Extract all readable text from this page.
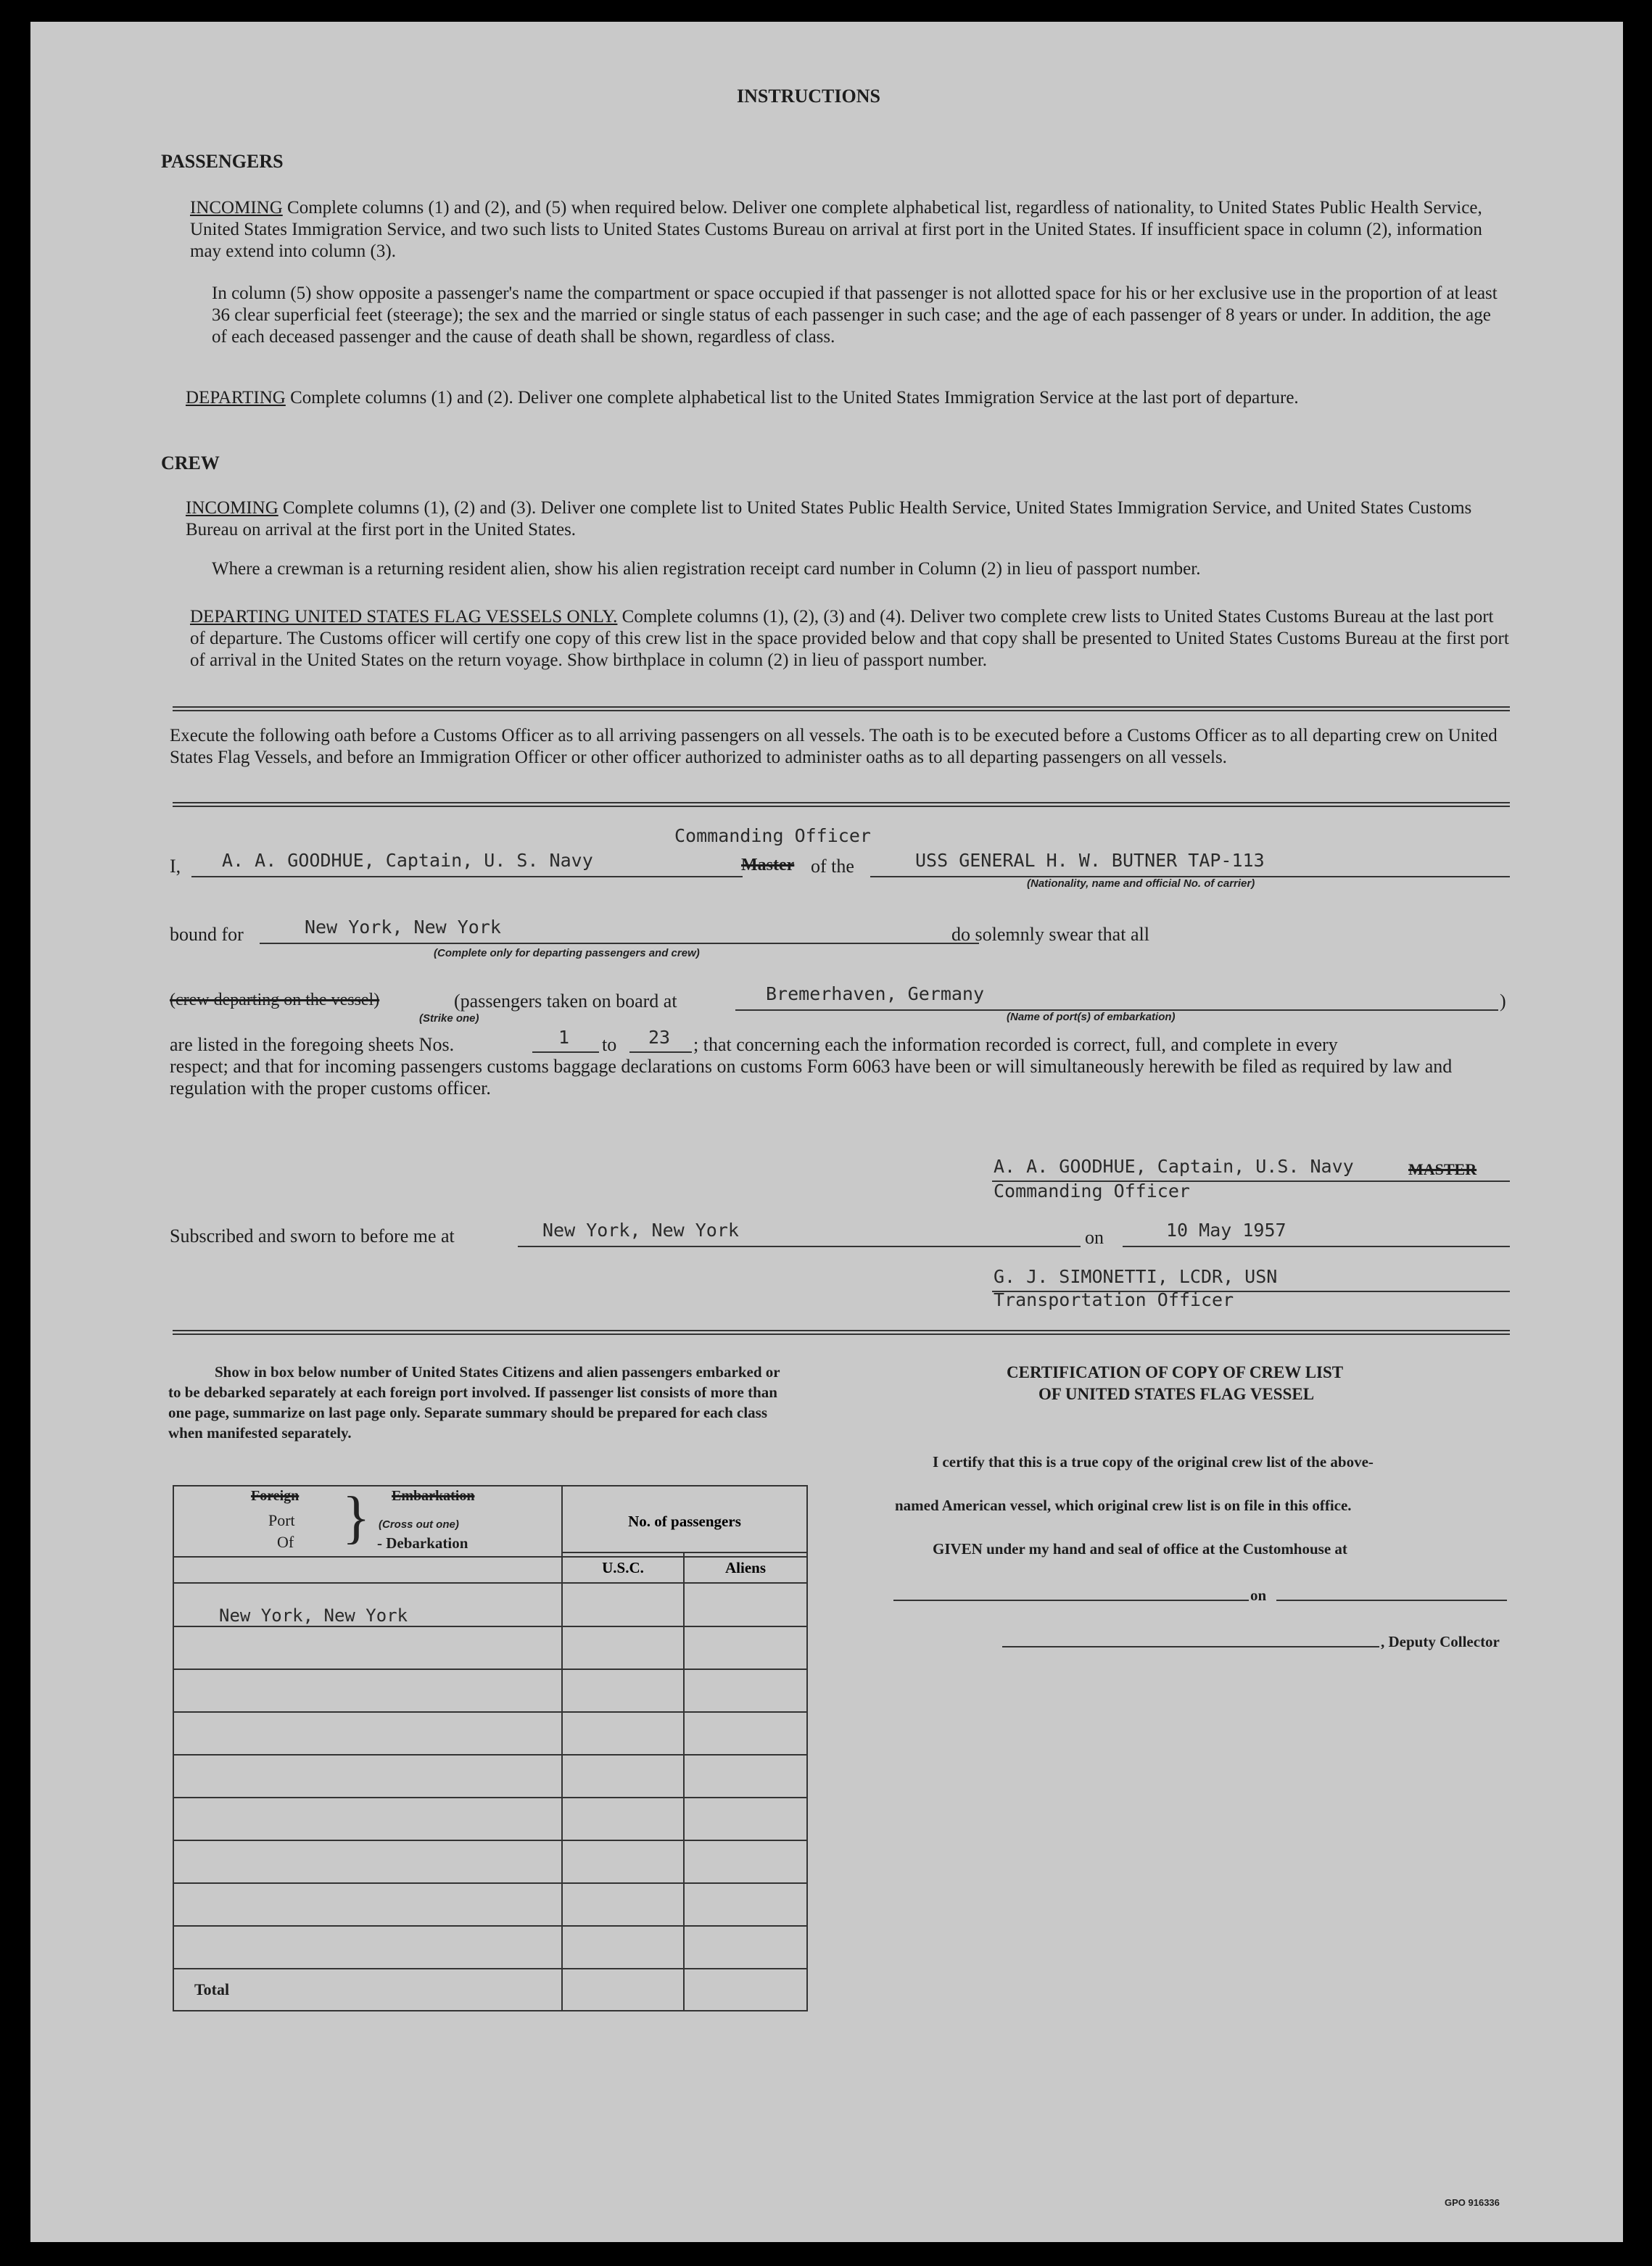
INSTRUCTIONS
PASSENGERS
INCOMING Complete columns (1) and (2), and (5) when required below. Deliver one complete alphabetical list, regardless of nationality, to United States Public Health Service, United States Immigration Service, and two such lists to United States Customs Bureau on arrival at first port in the United States. If insufficient space in column (2), information may extend into column (3).
In column (5) show opposite a passenger's name the compartment or space occupied if that passenger is not allotted space for his or her exclusive use in the proportion of at least 36 clear superficial feet (steerage); the sex and the married or single status of each passenger in such case; and the age of each passenger of 8 years or under. In addition, the age of each deceased passenger and the cause of death shall be shown, regardless of class.
DEPARTING Complete columns (1) and (2). Deliver one complete alphabetical list to the United States Immigration Service at the last port of departure.
CREW
INCOMING Complete columns (1), (2) and (3). Deliver one complete list to United States Public Health Service, United States Immigration Service, and United States Customs Bureau on arrival at the first port in the United States.
Where a crewman is a returning resident alien, show his alien registration receipt card number in Column (2) in lieu of passport number.
DEPARTING UNITED STATES FLAG VESSELS ONLY. Complete columns (1), (2), (3) and (4). Deliver two complete crew lists to United States Customs Bureau at the last port of departure. The Customs officer will certify one copy of this crew list in the space provided below and that copy shall be presented to United States Customs Bureau at the first port of arrival in the United States on the return voyage. Show birthplace in column (2) in lieu of passport number.
Execute the following oath before a Customs Officer as to all arriving passengers on all vessels. The oath is to be executed before a Customs Officer as to all departing crew on United States Flag Vessels, and before an Immigration Officer or other officer authorized to administer oaths as to all departing passengers on all vessels.
Commanding Officer
I, A. A. GOODHUE, Captain, U. S. Navy	Master of the	USS GENERAL H. W. BUTNER TAP-113
(Nationality, name and official No. of carrier)
bound for	New York, New York
(Complete only for departing passengers and crew)
do solemnly swear that all
(crew departing on the vessel)	(passengers taken on board at	Bremerhaven, Germany	)
(Strike one)	(Name of port(s) of embarkation)
are listed in the foregoing sheets Nos.	1 to 23 ; that concerning each the information recorded is correct, full, and complete in every
respect; and that for incoming passengers customs baggage declarations on customs Form 6063 have been or will simultaneously herewith be filed as required by law and regulation with the proper customs officer.
A. A. GOODHUE, Captain, U.S. Navy	MASTER
Commanding Officer
Subscribed and sworn to before me at	New York, New York	on	10 May 1957
G. J. SIMONETTI, LCDR, USN
Transportation Officer
Show in box below number of United States Citizens and alien passengers embarked or to be debarked separately at each foreign port involved. If passenger list consists of more than one page, summarize on last page only. Separate summary should be prepared for each class when manifested separately.
Foreign
Port
Of } Embarkation
(Cross out one)
- Debarkation
	No. of passengers

	U.S.C.	Aliens
New York, New York		

Total		
CERTIFICATION OF COPY OF CREW LIST
OF UNITED STATES FLAG VESSEL
I certify that this is a true copy of the original crew list of the above-
named American vessel, which original crew list is on file in this office.
GIVEN under my hand and seal of office at the Customhouse at
on
, Deputy Collector
GPO 916336
